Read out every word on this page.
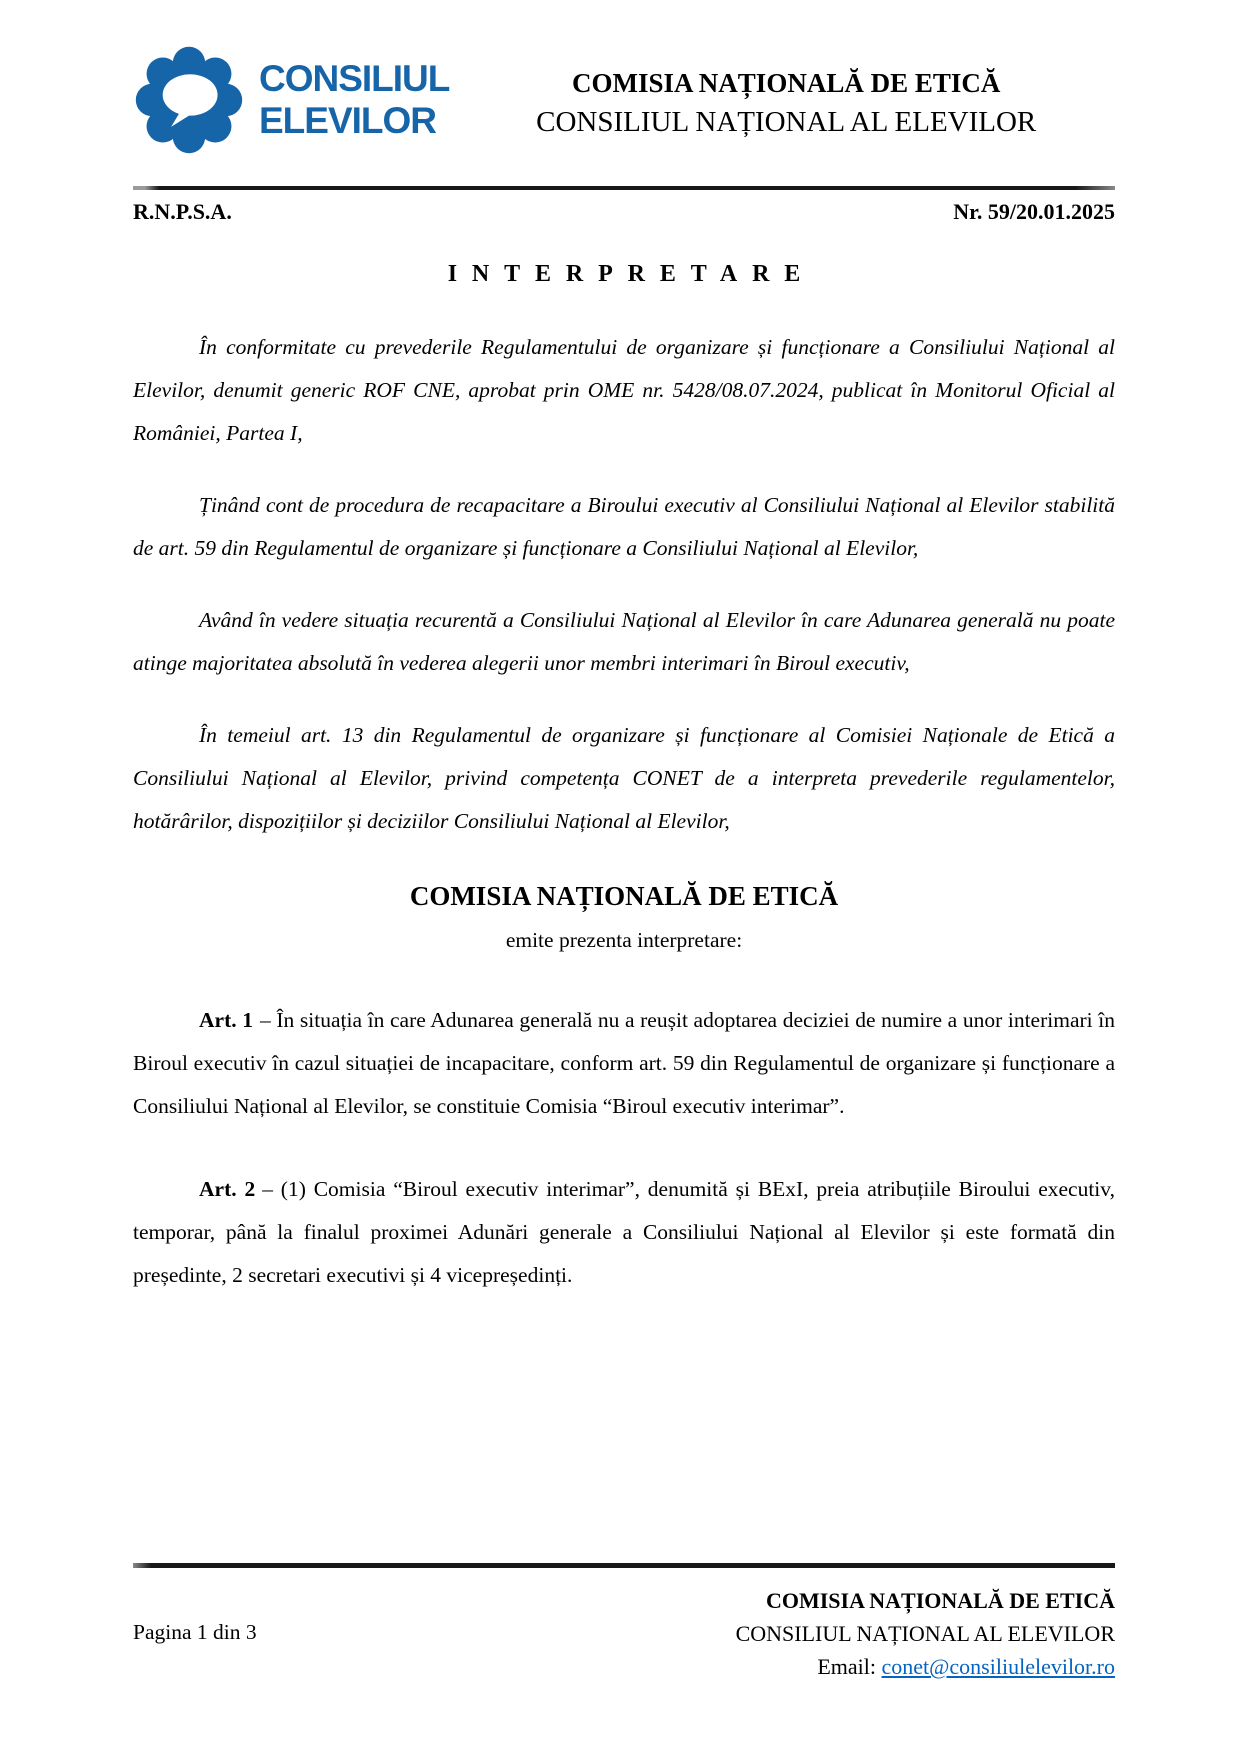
CONSILIUL
ELEVILOR
COMISIA NAȚIONALĂ DE ETICĂ
CONSILIUL NAȚIONAL AL ELEVILOR
R.N.P.S.A.	Nr. 59/20.01.2025
INTERPRETARE

În conformitate cu prevederile Regulamentului de organizare și funcționare a Consiliului Național al Elevilor, denumit generic ROF CNE, aprobat prin OME nr. 5428/08.07.2024, publicat în Monitorul Oficial al României, Partea I,

Ținând cont de procedura de recapacitare a Biroului executiv al Consiliului Național al Elevilor stabilită de art. 59 din Regulamentul de organizare și funcționare a Consiliului Național al Elevilor,

Având în vedere situația recurentă a Consiliului Național al Elevilor în care Adunarea generală nu poate atinge majoritatea absolută în vederea alegerii unor membri interimari în Biroul executiv,

În temeiul art. 13 din Regulamentul de organizare și funcționare al Comisiei Naționale de Etică a Consiliului Național al Elevilor, privind competența CONET de a interpreta prevederile regulamentelor, hotărârilor, dispozițiilor și deciziilor Consiliului Național al Elevilor,

COMISIA NAȚIONALĂ DE ETICĂ
emite prezenta interpretare:

Art. 1 – În situația în care Adunarea generală nu a reușit adoptarea deciziei de numire a unor interimari în Biroul executiv în cazul situației de incapacitare, conform art. 59 din Regulamentul de organizare și funcționare a Consiliului Național al Elevilor, se constituie Comisia “Biroul executiv interimar”.

Art. 2 – (1) Comisia “Biroul executiv interimar”, denumită și BExI, preia atribuțiile Biroului executiv, temporar, până la finalul proximei Adunări generale a Consiliului Național al Elevilor și este formată din președinte, 2 secretari executivi și 4 vicepreședinți.

Pagina 1 din 3
COMISIA NAȚIONALĂ DE ETICĂ
CONSILIUL NAȚIONAL AL ELEVILOR
Email: conet@consiliulelevilor.ro
